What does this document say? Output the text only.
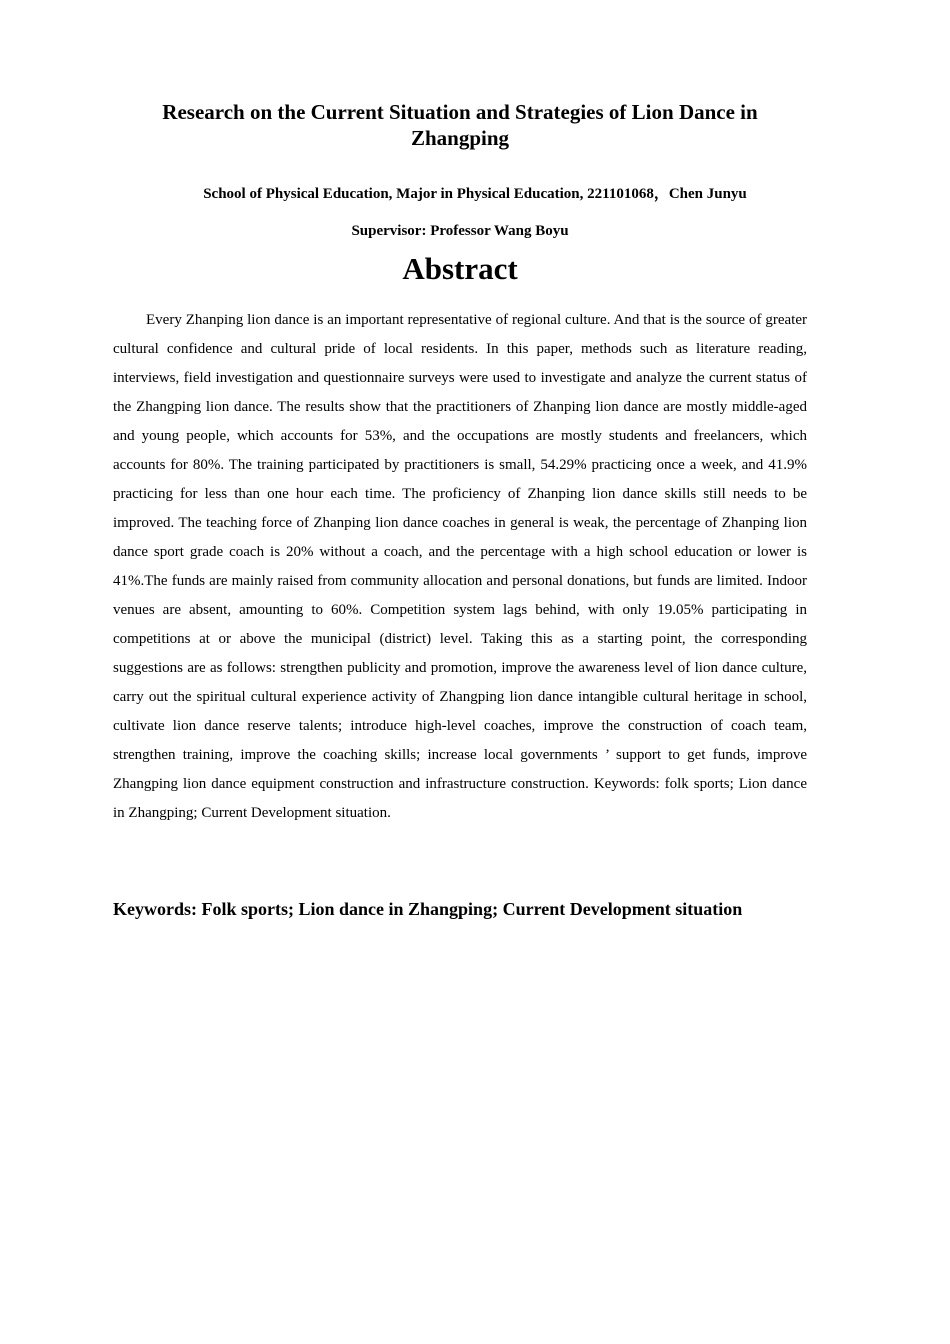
Research on the Current Situation and Strategies of Lion Dance in Zhangping

School of Physical Education, Major in Physical Education, 221101068，Chen Junyu

Supervisor: Professor Wang Boyu

Abstract

Every Zhanping lion dance is an important representative of regional culture. And that is the source of greater cultural confidence and cultural pride of local residents. In this paper, methods such as literature reading, interviews, field investigation and questionnaire surveys were used to investigate and analyze the current status of the Zhangping lion dance. The results show that the practitioners of Zhanping lion dance are mostly middle-aged and young people, which accounts for 53%, and the occupations are mostly students and freelancers, which accounts for 80%. The training participated by practitioners is small, 54.29% practicing once a week, and 41.9% practicing for less than one hour each time. The proficiency of Zhanping lion dance skills still needs to be improved. The teaching force of Zhanping lion dance coaches in general is weak, the percentage of Zhanping lion dance sport grade coach is 20% without a coach, and the percentage with a high school education or lower is 41%.The funds are mainly raised from community allocation and personal donations, but funds are limited. Indoor venues are absent, amounting to 60%. Competition system lags behind, with only 19.05% participating in competitions at or above the municipal (district) level. Taking this as a starting point, the corresponding suggestions are as follows: strengthen publicity and promotion, improve the awareness level of lion dance culture, carry out the spiritual cultural experience activity of Zhangping lion dance intangible cultural heritage in school, cultivate lion dance reserve talents; introduce high-level coaches, improve the construction of coach team, strengthen training, improve the coaching skills; increase local governments ’ support to get funds, improve Zhangping lion dance equipment construction and infrastructure construction. Keywords: folk sports; Lion dance in Zhangping; Current Development situation.

Keywords: Folk sports; Lion dance in Zhangping; Current Development situation
